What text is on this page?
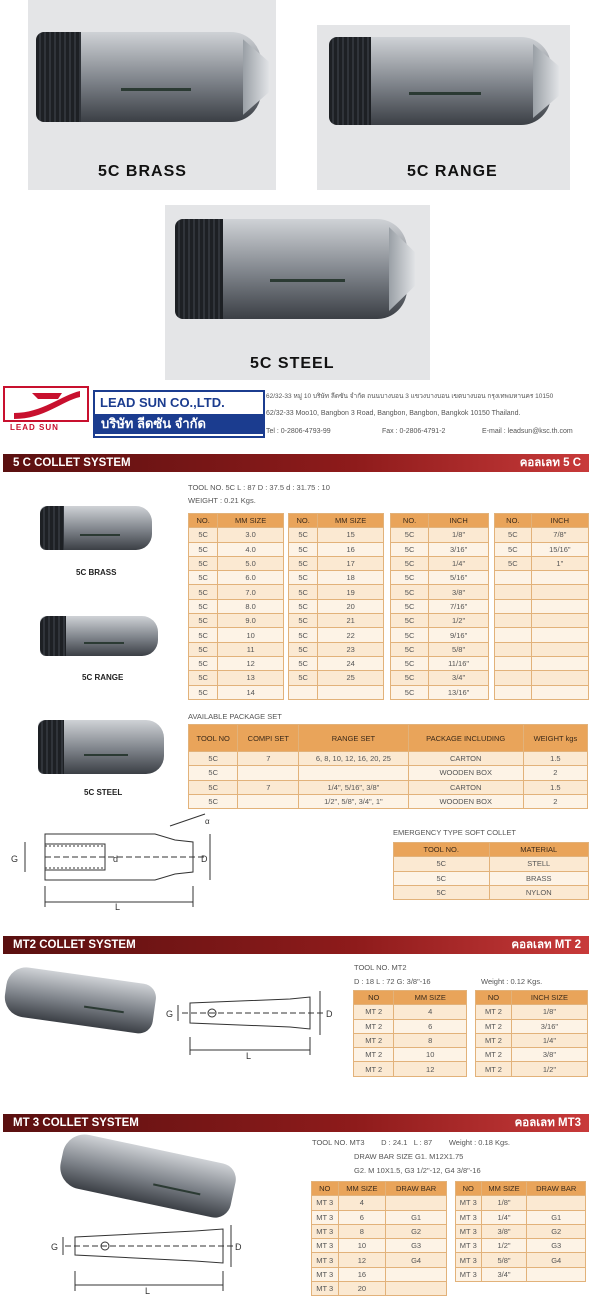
5C BRASS	5C RANGE
5C STEEL
LEAD SUN
LEAD SUN CO.,LTD.
บริษัท ลีดซัน จำกัด
62/32-33 หมู่ 10 บริษัท ลีดซัน จำกัด ถนนบางบอน 3 แขวงบางบอน เขตบางบอน กรุงเทพมหานคร 10150
62/32-33 Moo10, Bangbon 3 Road, Bangbon, Bangbon, Bangkok 10150 Thailand.
Tel : 0-2806-4793-99	Fax : 0-2806-4791-2	E-mail : leadsun@ksc.th.com
5 C COLLET SYSTEM	คอลเลท 5 C
TOOL NO. 5C L : 87 D : 37.5 d : 31.75 : 10
WEIGHT : 0.21 Kgs.
5C BRASS
5C RANGE
5C STEEL
NO.	MM SIZE
5C	3.0
5C	4.0
5C	5.0
5C	6.0
5C	7.0
5C	8.0
5C	9.0
5C	10
5C	11
5C	12
5C	13
5C	14
NO.	MM SIZE
5C	15
5C	16
5C	17
5C	18
5C	19
5C	20
5C	21
5C	22
5C	23
5C	24
5C	25

NO.	INCH
5C	1/8"
5C	3/16"
5C	1/4"
5C	5/16"
5C	3/8"
5C	7/16"
5C	1/2"
5C	9/16"
5C	5/8"
5C	11/16"
5C	3/4"
5C	13/16"
NO.	INCH
5C	7/8"
5C	15/16"
5C	1"

AVAILABLE PACKAGE SET
TOOL NO	COMPI SET	RANGE SET	PACKAGE INCLUDING	WEIGHT kgs
5C	7	6, 8, 10, 12, 16, 20, 25	CARTON	1.5
5C			WOODEN BOX	2
5C	7	1/4", 5/16", 3/8"	CARTON	1.5
5C		1/2", 5/8", 3/4", 1"	WOODEN BOX	2
G	d	D
L
α
EMERGENCY TYPE SOFT COLLET
TOOL NO.	MATERIAL
5C	STELL
5C	BRASS
5C	NYLON
MT2 COLLET SYSTEM	คอลเลท MT 2
G	D
L
TOOL NO. MT2
D : 18 L : 72 G: 3/8"-16	Weight : 0.12 Kgs.
NO	MM SIZE
MT 2	4
MT 2	6
MT 2	8
MT 2	10
MT 2	12
NO	INCH SIZE
MT 2	1/8"
MT 2	3/16"
MT 2	1/4"
MT 2	3/8"
MT 2	1/2"
MT 3 COLLET SYSTEM	คอลเลท MT3
G	D
L
TOOL NO. MT3        D : 24.1   L : 87        Weight : 0.18 Kgs.
DRAW BAR SIZE G1. M12X1.75
G2. M 10X1.5, G3 1/2"-12, G4 3/8"-16
NO	MM SIZE	DRAW BAR
MT 3	4	
MT 3	6	G1
MT 3	8	G2
MT 3	10	G3
MT 3	12	G4
MT 3	16	
MT 3	20	
NO	MM SIZE	DRAW BAR
MT 3	1/8"	
MT 3	1/4"	G1
MT 3	3/8"	G2
MT 3	1/2"	G3
MT 3	5/8"	G4
MT 3	3/4"	
